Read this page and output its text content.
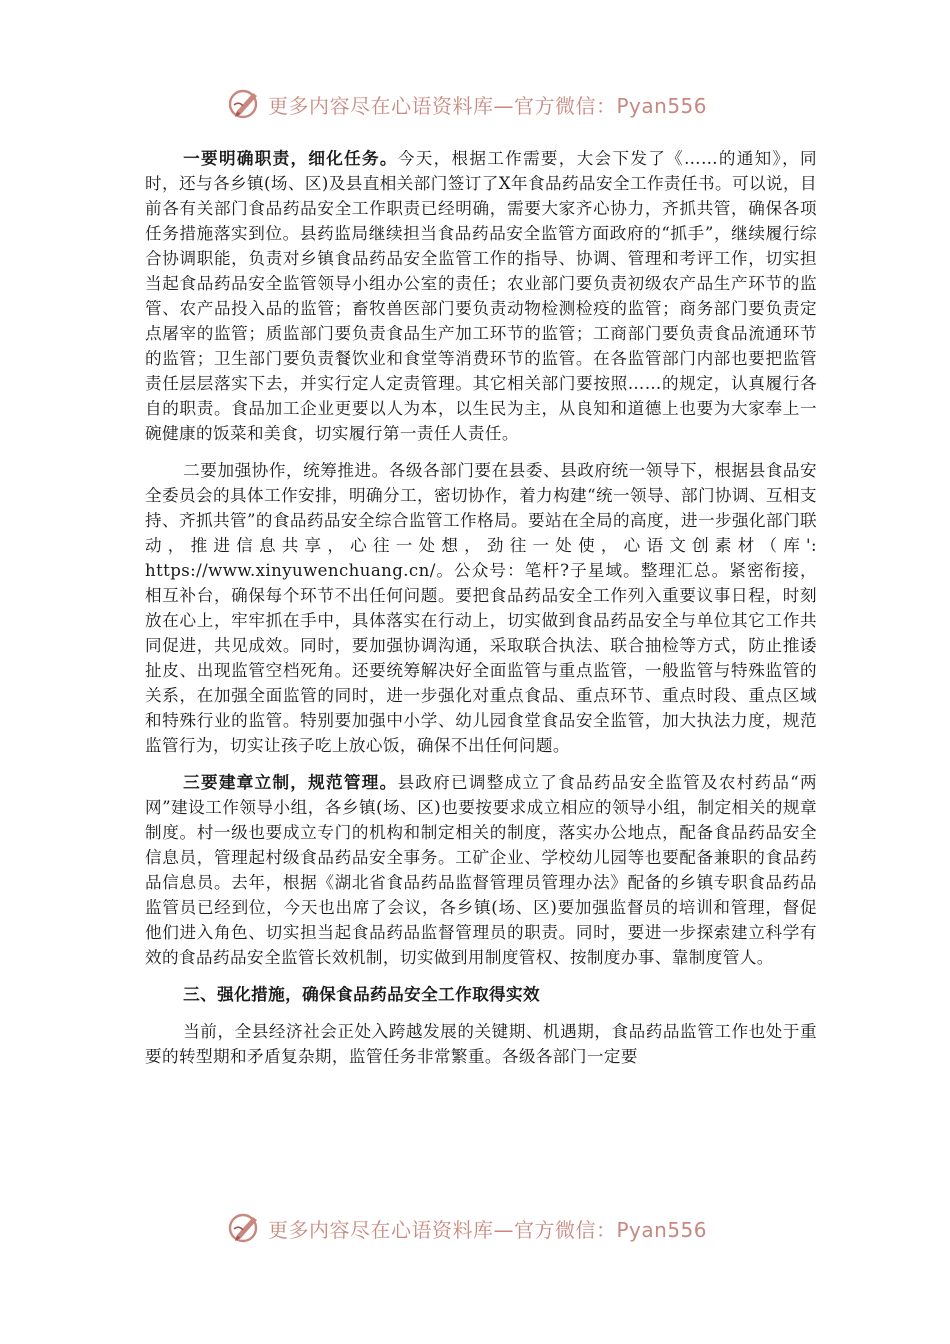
更多内容尽在心语资料库—官方微信：Pyan556

一要明确职责，细化任务。今天，根据工作需要，大会下发了《……的通知》，同时，还与各乡镇(场、区)及县直相关部门签订了X年食品药品安全工作责任书。可以说，目前各有关部门食品药品安全工作职责已经明确，需要大家齐心协力，齐抓共管，确保各项任务措施落实到位。县药监局继续担当食品药品安全监管方面政府的“抓手”，继续履行综合协调职能，负责对乡镇食品药品安全监管工作的指导、协调、管理和考评工作，切实担当起食品药品安全监管领导小组办公室的责任；农业部门要负责初级农产品生产环节的监管、农产品投入品的监管；畜牧兽医部门要负责动物检测检疫的监管；商务部门要负责定点屠宰的监管；质监部门要负责食品生产加工环节的监管；工商部门要负责食品流通环节的监管；卫生部门要负责餐饮业和食堂等消费环节的监管。在各监管部门内部也要把监管责任层层落实下去，并实行定人定责管理。其它相关部门要按照……的规定，认真履行各自的职责。食品加工企业更要以人为本，以生民为主，从良知和道德上也要为大家奉上一碗健康的饭菜和美食，切实履行第一责任人责任。

二要加强协作，统筹推进。各级各部门要在县委、县政府统一领导下，根据县食品安全委员会的具体工作安排，明确分工，密切协作，着力构建“统一领导、部门协调、互相支持、齐抓共管”的食品药品安全综合监管工作格局。要站在全局的高度，进一步强化部门联动，推进信息共享，心往一处想，劲往一处使，心语文创素材（库': https://www.xinyuwenchuang.cn/。公众号：笔杆?子星域。整理汇总。紧密衔接，相互补台，确保每个环节不出任何问题。要把食品药品安全工作列入重要议事日程，时刻放在心上，牢牢抓在手中，具体落实在行动上，切实做到食品药品安全与单位其它工作共同促进，共见成效。同时，要加强协调沟通，采取联合执法、联合抽检等方式，防止推诿扯皮、出现监管空档死角。还要统筹解决好全面监管与重点监管，一般监管与特殊监管的关系，在加强全面监管的同时，进一步强化对重点食品、重点环节、重点时段、重点区域和特殊行业的监管。特别要加强中小学、幼儿园食堂食品安全监管，加大执法力度，规范监管行为，切实让孩子吃上放心饭，确保不出任何问题。

三要建章立制，规范管理。县政府已调整成立了食品药品安全监管及农村药品“两网”建设工作领导小组，各乡镇(场、区)也要按要求成立相应的领导小组，制定相关的规章制度。村一级也要成立专门的机构和制定相关的制度，落实办公地点，配备食品药品安全信息员，管理起村级食品药品安全事务。工矿企业、学校幼儿园等也要配备兼职的食品药品信息员。去年，根据《湖北省食品药品监督管理员管理办法》配备的乡镇专职食品药品监管员已经到位，今天也出席了会议，各乡镇(场、区)要加强监督员的培训和管理，督促他们进入角色、切实担当起食品药品监督管理员的职责。同时，要进一步探索建立科学有效的食品药品安全监管长效机制，切实做到用制度管权、按制度办事、靠制度管人。

三、强化措施，确保食品药品安全工作取得实效

当前，全县经济社会正处入跨越发展的关键期、机遇期，食品药品监管工作也处于重要的转型期和矛盾复杂期，监管任务非常繁重。各级各部门一定要

更多内容尽在心语资料库—官方微信：Pyan556
